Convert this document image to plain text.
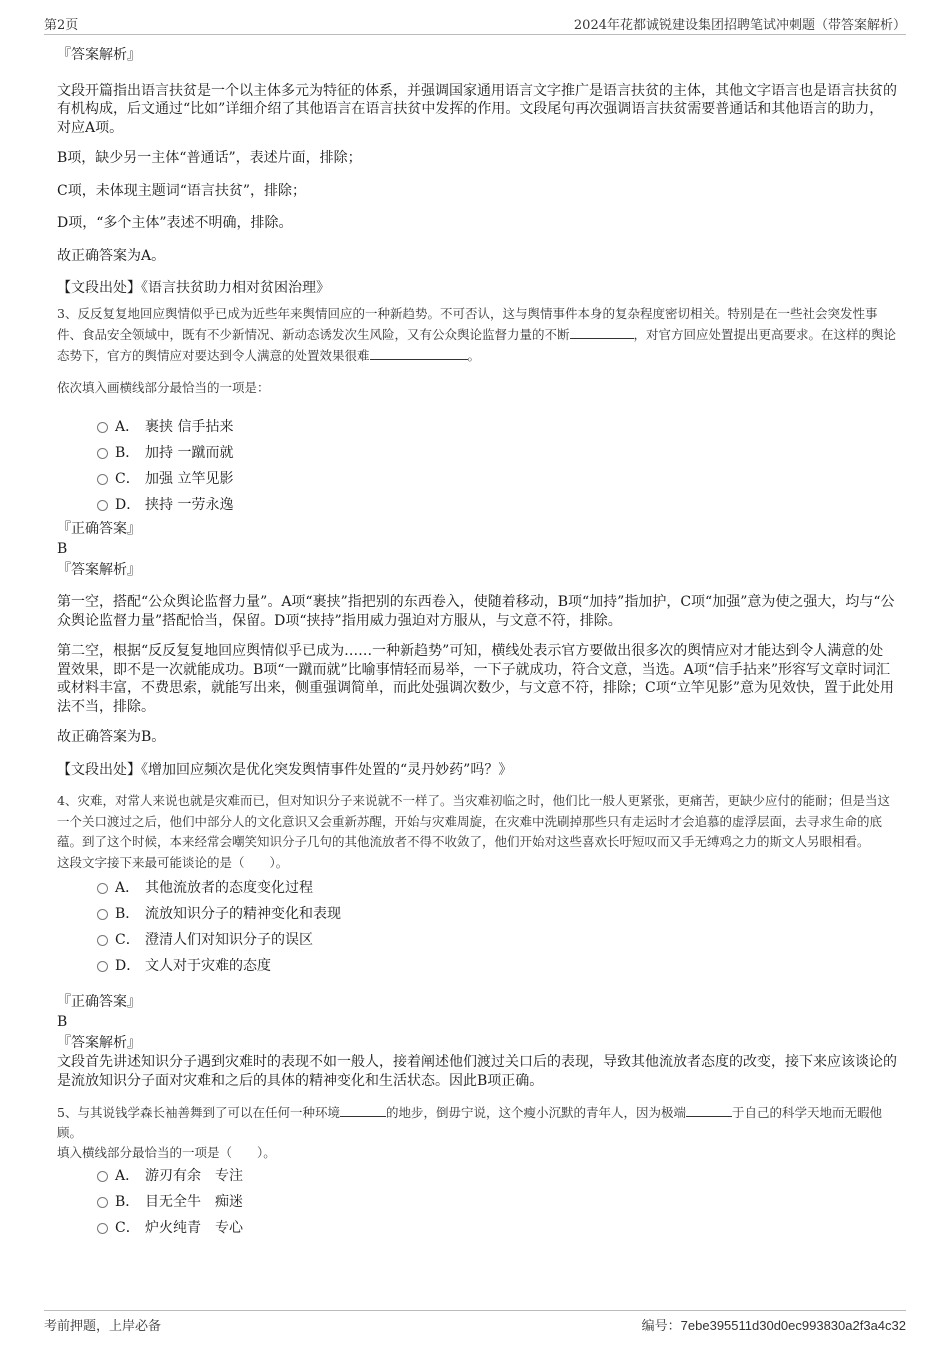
第2页	2024年花都诚锐建设集团招聘笔试冲刺题（带答案解析）

『答案解析』

文段开篇指出语言扶贫是一个以主体多元为特征的体系，并强调国家通用语言文字推广是语言扶贫的主体，其他文字语言也是语言扶贫的有机构成，后文通过“比如”详细介绍了其他语言在语言扶贫中发挥的作用。文段尾句再次强调语言扶贫需要普通话和其他语言的助力，对应A项。

B项，缺少另一主体“普通话”，表述片面，排除；

C项，未体现主题词“语言扶贫”，排除；

D项，“多个主体”表述不明确，排除。

故正确答案为A。

【文段出处】《语言扶贫助力相对贫困治理》

3、反反复复地回应舆情似乎已成为近些年来舆情回应的一种新趋势。不可否认，这与舆情事件本身的复杂程度密切相关。特别是在一些社会突发性事件、食品安全领域中，既有不少新情况、新动态诱发次生风险，又有公众舆论监督力量的不断	，对官方回应处置提出更高要求。在这样的舆论态势下，官方的舆情应对要达到令人满意的处置效果很难	。

依次填入画横线部分最恰当的一项是：

A． 裹挟 信手拈来
B． 加持 一蹴而就
C． 加强 立竿见影
D． 挟持 一劳永逸

『正确答案』

B

『答案解析』

第一空，搭配“公众舆论监督力量”。A项“裹挟”指把别的东西卷入，使随着移动，B项“加持”指加护，C项“加强”意为使之强大，均与“公众舆论监督力量”搭配恰当，保留。D项“挟持”指用威力强迫对方服从，与文意不符，排除。

第二空，根据“反反复复地回应舆情似乎已成为……一种新趋势”可知，横线处表示官方要做出很多次的舆情应对才能达到令人满意的处置效果，即不是一次就能成功。B项“一蹴而就”比喻事情轻而易举，一下子就成功，符合文意，当选。A项“信手拈来”形容写文章时词汇或材料丰富，不费思索，就能写出来，侧重强调简单，而此处强调次数少，与文意不符，排除；C项“立竿见影”意为见效快，置于此处用法不当，排除。

故正确答案为B。

【文段出处】《增加回应频次是优化突发舆情事件处置的“灵丹妙药”吗？》

4、灾难，对常人来说也就是灾难而已，但对知识分子来说就不一样了。当灾难初临之时，他们比一般人更紧张，更痛苦，更缺少应付的能耐；但是当这一个关口渡过之后，他们中部分人的文化意识又会重新苏醒，开始与灾难周旋，在灾难中洗刷掉那些只有走运时才会追慕的虚浮层面，去寻求生命的底蕴。到了这个时候，本来经常会嘲笑知识分子几句的其他流放者不得不收敛了，他们开始对这些喜欢长吁短叹而又手无缚鸡之力的斯文人另眼相看。

这段文字接下来最可能谈论的是（　　）。

A． 其他流放者的态度变化过程
B． 流放知识分子的精神变化和表现
C． 澄清人们对知识分子的误区
D． 文人对于灾难的态度

『正确答案』

B

『答案解析』

文段首先讲述知识分子遇到灾难时的表现不如一般人，接着阐述他们渡过关口后的表现，导致其他流放者态度的改变，接下来应该谈论的是流放知识分子面对灾难和之后的具体的精神变化和生活状态。因此B项正确。

5、与其说钱学森长袖善舞到了可以在任何一种环境	的地步，倒毋宁说，这个瘦小沉默的青年人，因为极端	于自己的科学天地而无暇他顾。

填入横线部分最恰当的一项是（　　）。

A． 游刃有余　专注
B． 目无全牛　痴迷
C． 炉火纯青　专心
考前押题，上岸必备	编号：7ebe395511d30d0ec993830a2f3a4c32
